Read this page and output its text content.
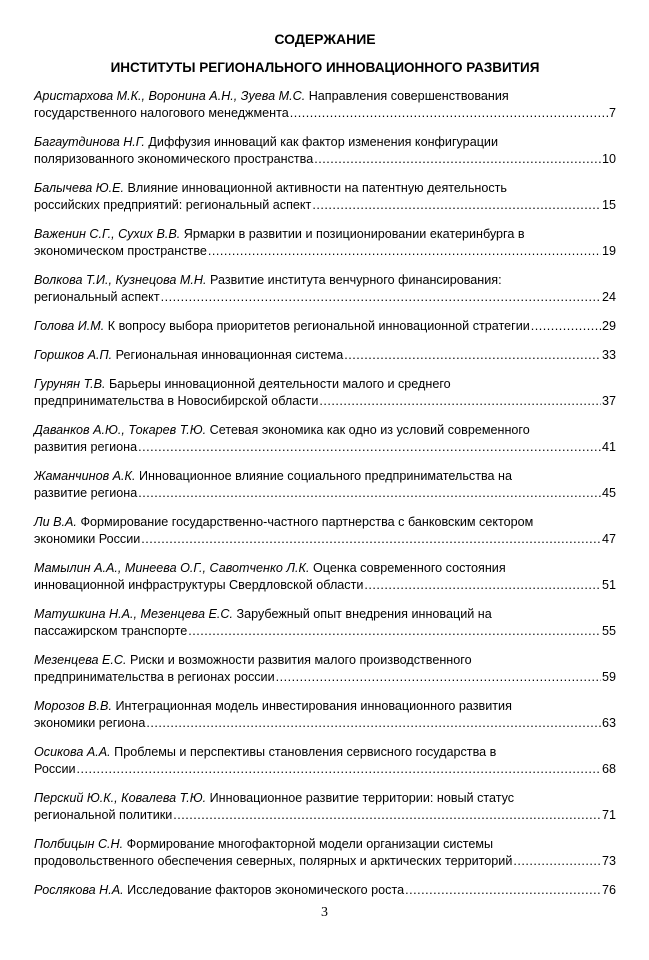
СОДЕРЖАНИЕ
ИНСТИТУТЫ РЕГИОНАЛЬНОГО ИННОВАЦИОННОГО РАЗВИТИЯ
Аристархова М.К., Воронина А.Н., Зуева М.С. Направления совершенствования
государственного налогового менеджмента .....	7
Багаутдинова Н.Г. Диффузия инноваций как фактор изменения конфигурации
поляризованного экономического пространства .....	10
Балычева Ю.Е. Влияние инновационной активности на патентную деятельность
российских предприятий: региональный аспект .....	15
Важенин С.Г., Сухих В.В. Ярмарки в развитии и позиционировании екатеринбурга в
экономическом пространстве .....	19
Волкова Т.И., Кузнецова М.Н. Развитие института венчурного финансирования:
региональный аспект .....	24
Голова И.М. К вопросу выбора приоритетов региональной инновационной стратегии .....	29
Горшков А.П. Региональная инновационная система .....	33
Гурунян Т.В. Барьеры инновационной деятельности малого и среднего
предпринимательства в Новосибирской области .....	37
Даванков А.Ю., Токарев Т.Ю. Сетевая экономика как одно из условий современного
развития региона .....	41
Жаманчинов А.К. Инновационное влияние социального предпринимательства на
развитие региона .....	45
Ли В.А. Формирование государственно-частного партнерства с банковским сектором
экономики России .....	47
Мамылин А.А., Минеева О.Г., Савотченко Л.К. Оценка современного состояния
инновационной инфраструктуры Свердловской области .....	51
Матушкина Н.А., Мезенцева Е.С. Зарубежный опыт внедрения инноваций на
пассажирском транспорте .....	55
Мезенцева Е.С. Риски и возможности развития малого производственного
предпринимательства в регионах россии .....	59
Морозов В.В. Интеграционная модель инвестирования инновационного развития
экономики региона .....	63
Осикова А.А. Проблемы и перспективы становления сервисного государства в
России .....	68
Перский Ю.К., Ковалева Т.Ю. Инновационное развитие территории: новый статус
региональной политики .....	71
Полбицын С.Н. Формирование многофакторной модели организации системы
продовольственного обеспечения северных, полярных и арктических территорий .....	73
Рослякова Н.А. Исследование факторов экономического роста .....	76
3
